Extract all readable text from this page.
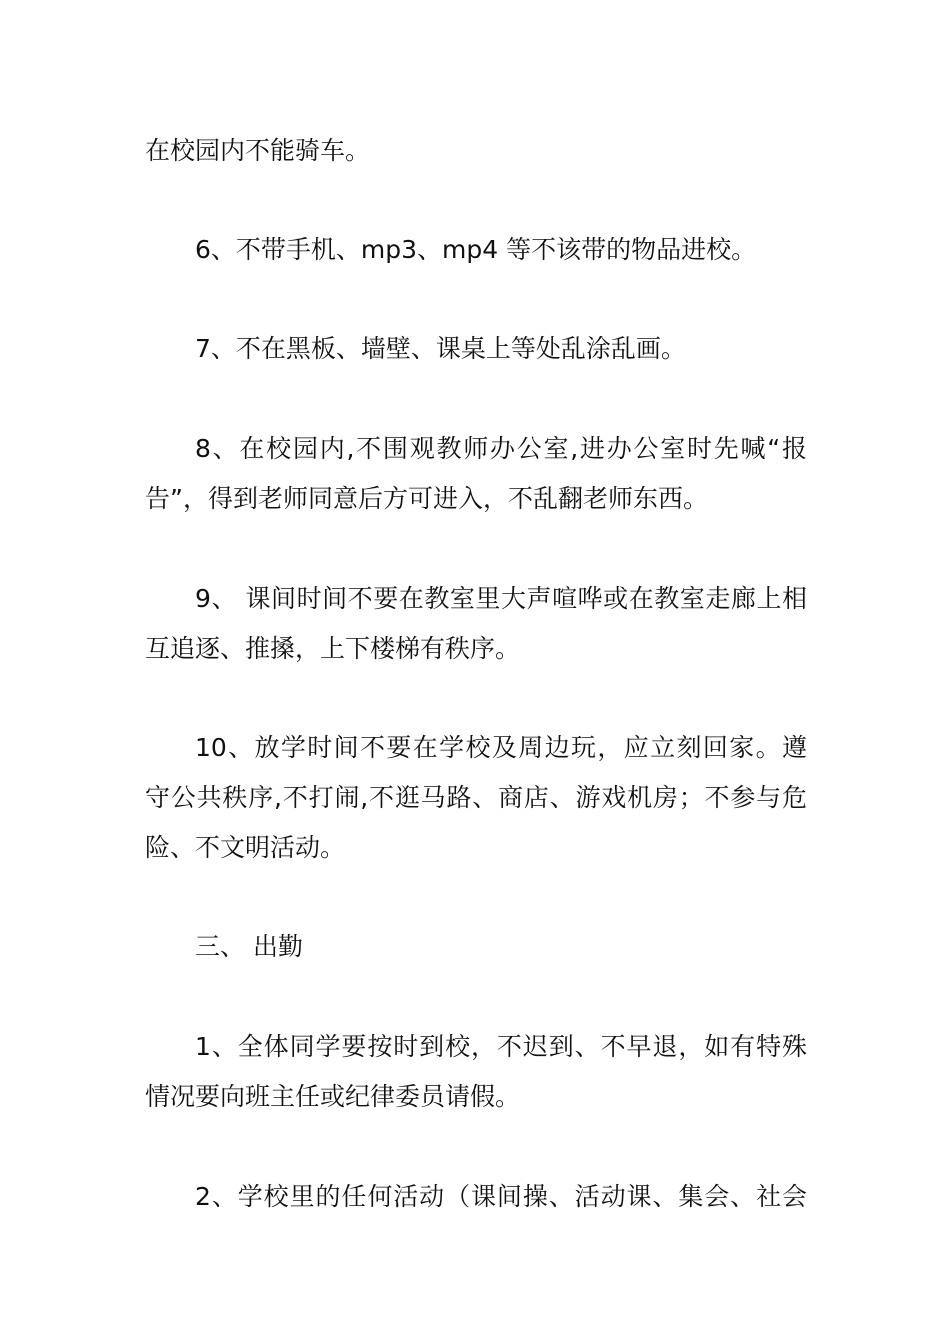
在校园内不能骑车。
6、不带手机、mp3、mp4 等不该带的物品进校。
7、不在黑板、墙壁、课桌上等处乱涂乱画。
8、在校园内,不围观教师办公室,进办公室时先喊“报
告”，得到老师同意后方可进入，不乱翻老师东西。
9、 课间时间不要在教室里大声喧哗或在教室走廊上相
互追逐、推搡，上下楼梯有秩序。
10、放学时间不要在学校及周边玩，应立刻回家。遵
守公共秩序,不打闹,不逛马路、商店、游戏机房；不参与危
险、不文明活动。
三、 出勤
1、全体同学要按时到校，不迟到、不早退，如有特殊
情况要向班主任或纪律委员请假。
2、学校里的任何活动（课间操、活动课、集会、社会
